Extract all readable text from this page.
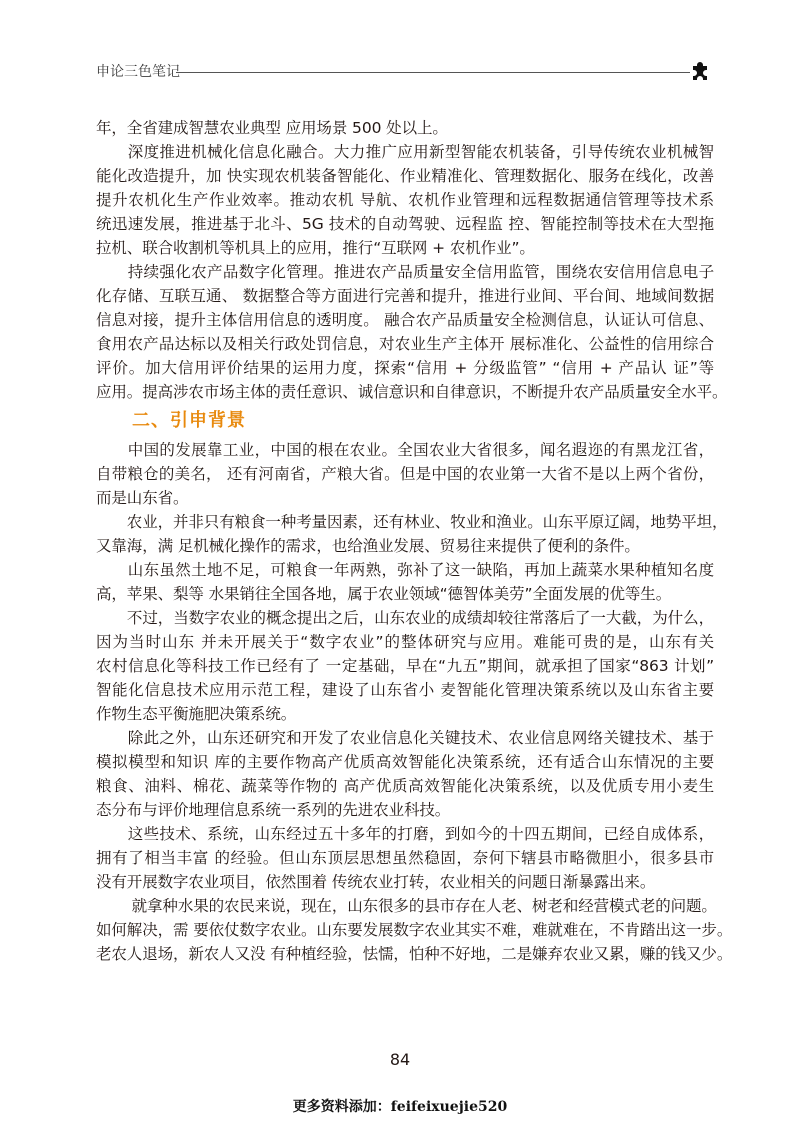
申论三色笔记
年，全省建成智慧农业典型 应用场景 500 处以上。
　　深度推进机械化信息化融合。大力推广应用新型智能农机装备，引导传统农业机械智
能化改造提升，加 快实现农机装备智能化、作业精准化、管理数据化、服务在线化，改善
提升农机化生产作业效率。推动农机 导航、农机作业管理和远程数据通信管理等技术系
统迅速发展，推进基于北斗、5G 技术的自动驾驶、远程监 控、智能控制等技术在大型拖
拉机、联合收割机等机具上的应用，推行“互联网 + 农机作业”。
　　持续强化农产品数字化管理。推进农产品质量安全信用监管，围绕农安信用信息电子
化存储、互联互通、 数据整合等方面进行完善和提升，推进行业间、平台间、地域间数据
信息对接，提升主体信用信息的透明度。 融合农产品质量安全检测信息，认证认可信息、
食用农产品达标以及相关行政处罚信息，对农业生产主体开 展标准化、公益性的信用综合
评价。加大信用评价结果的运用力度，探索“信用 + 分级监管” “信用 + 产品认 证”等
应用。提高涉农市场主体的责任意识、诚信意识和自律意识，不断提升农产品质量安全水平。
二、引申背景
　　中国的发展靠工业，中国的根在农业。全国农业大省很多，闻名遐迩的有黑龙江省，
自带粮仓的美名， 还有河南省，产粮大省。但是中国的农业第一大省不是以上两个省份，
而是山东省。
　　农业，并非只有粮食一种考量因素，还有林业、牧业和渔业。山东平原辽阔，地势平坦，
又靠海，满 足机械化操作的需求，也给渔业发展、贸易往来提供了便利的条件。
　　山东虽然土地不足，可粮食一年两熟，弥补了这一缺陷，再加上蔬菜水果种植知名度
高，苹果、梨等 水果销往全国各地，属于农业领域“德智体美劳”全面发展的优等生。
　　不过，当数字农业的概念提出之后，山东农业的成绩却较往常落后了一大截，为什么，
因为当时山东 并未开展关于“数字农业”的整体研究与应用。难能可贵的是，山东有关
农村信息化等科技工作已经有了 一定基础，早在“九五”期间，就承担了国家“863 计划”
智能化信息技术应用示范工程，建设了山东省小 麦智能化管理决策系统以及山东省主要
作物生态平衡施肥决策系统。
　　除此之外，山东还研究和开发了农业信息化关键技术、农业信息网络关键技术、基于
模拟模型和知识 库的主要作物高产优质高效智能化决策系统，还有适合山东情况的主要
粮食、油料、棉花、蔬菜等作物的 高产优质高效智能化决策系统，以及优质专用小麦生
态分布与评价地理信息系统一系列的先进农业科技。
　　这些技术、系统，山东经过五十多年的打磨，到如今的十四五期间，已经自成体系，
拥有了相当丰富 的经验。但山东顶层思想虽然稳固，奈何下辖县市略微胆小，很多县市
没有开展数字农业项目，依然围着 传统农业打转，农业相关的问题日渐暴露出来。
　　 就拿种水果的农民来说，现在，山东很多的县市存在人老、树老和经营模式老的问题。
如何解决，需 要依仗数字农业。山东要发展数字农业其实不难，难就难在，不肯踏出这一步。
老农人退场，新农人又没 有种植经验，怯懦，怕种不好地，二是嫌弃农业又累，赚的钱又少。
84
更多资料添加：feifeixuejie520
